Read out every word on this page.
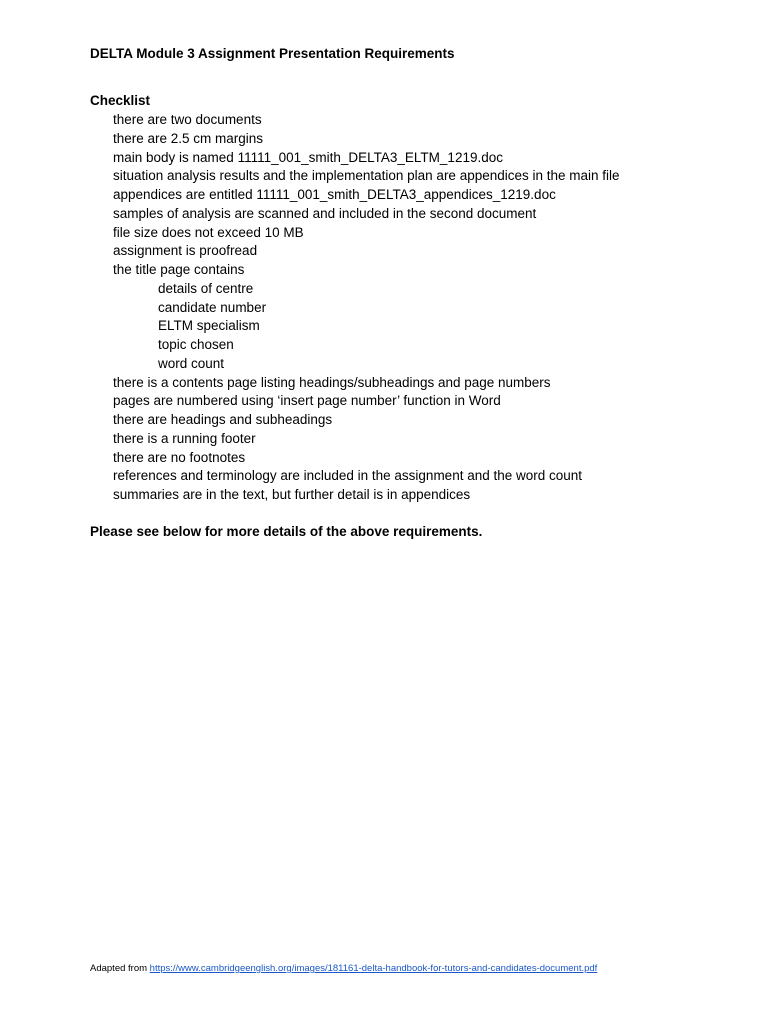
DELTA Module 3 Assignment Presentation Requirements
Checklist
there are two documents
there are 2.5 cm margins
main body is named 11111_001_smith_DELTA3_ELTM_1219.doc
situation analysis results and the implementation plan are appendices in the main file
appendices are entitled 11111_001_smith_DELTA3_appendices_1219.doc
samples of analysis are scanned and included in the second document
file size does not exceed 10 MB
assignment is proofread
the title page contains
details of centre
candidate number
ELTM specialism
topic chosen
word count
there is a contents page listing headings/subheadings and page numbers
pages are numbered using ‘insert page number’ function in Word
there are headings and subheadings
there is a running footer
there are no footnotes
references and terminology are included in the assignment and the word count
summaries are in the text, but further detail is in appendices
Please see below for more details of the above requirements.
Adapted from https://www.cambridgeenglish.org/images/181161-delta-handbook-for-tutors-and-candidates-document.pdf
